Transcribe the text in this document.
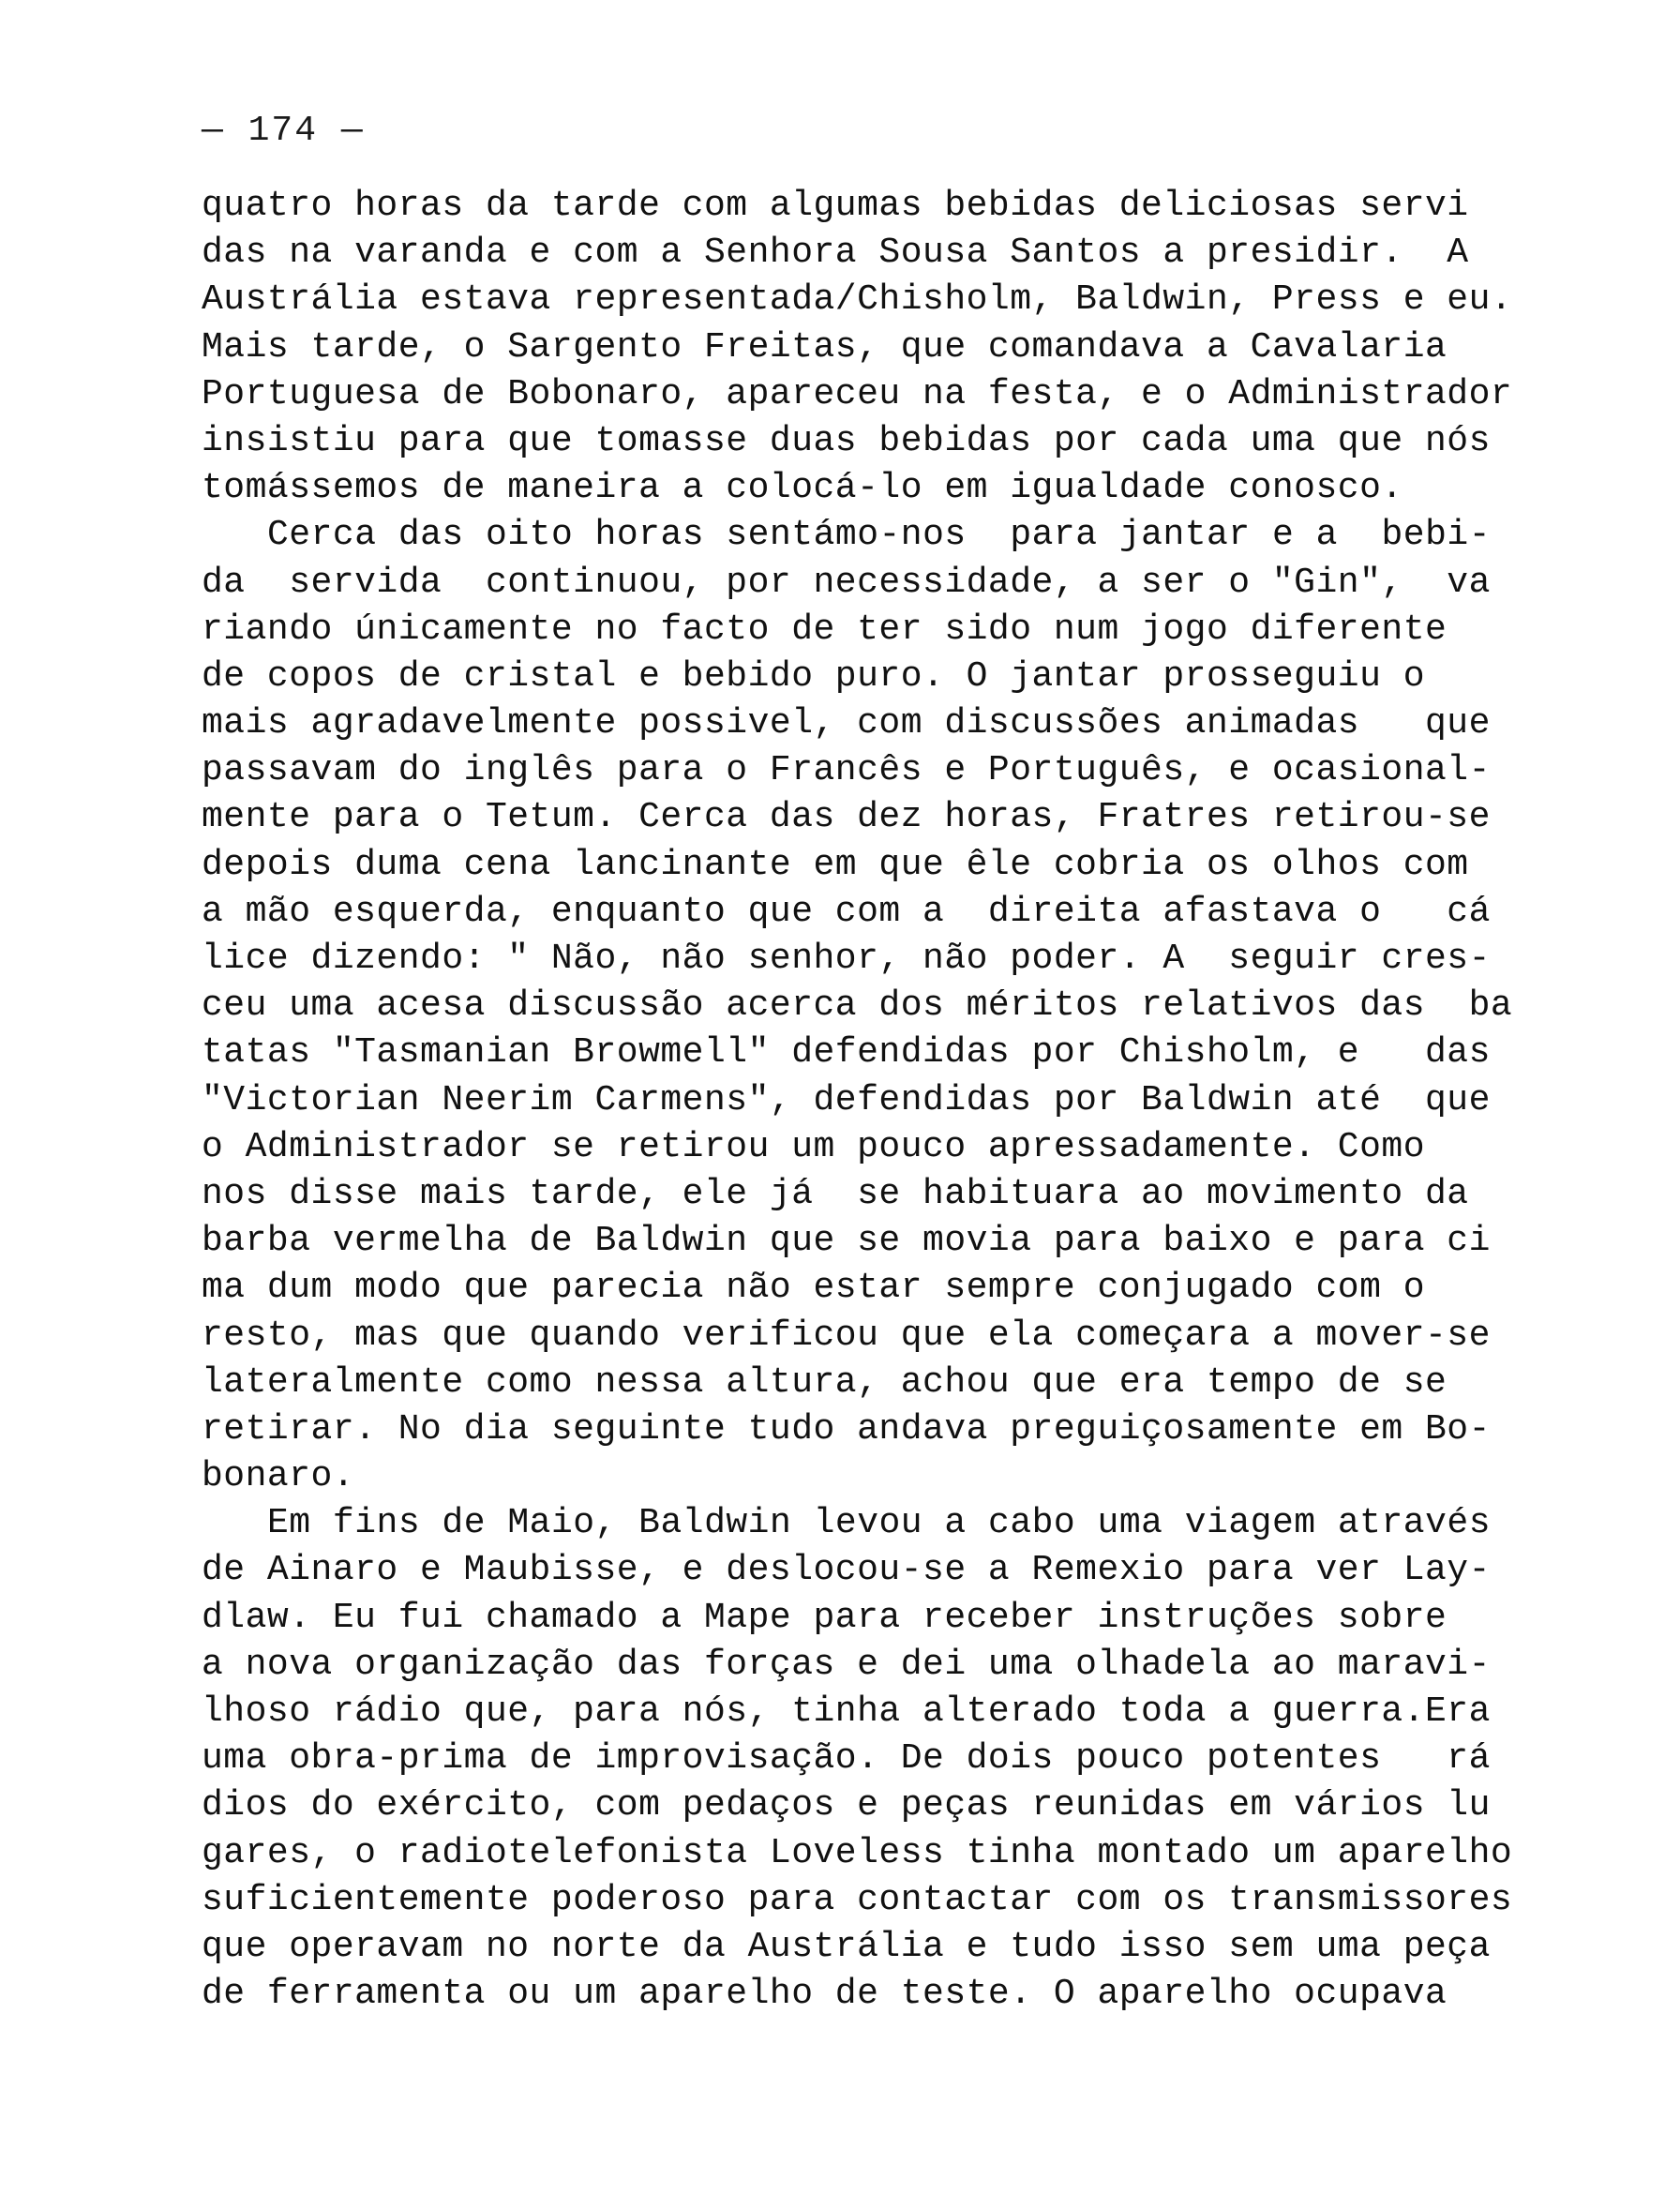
— 174 —
quatro horas da tarde com algumas bebidas deliciosas servi
das na varanda e com a Senhora Sousa Santos a presidir.  A
Austrália estava representada/Chisholm, Baldwin, Press e eu.
Mais tarde, o Sargento Freitas, que comandava a Cavalaria
Portuguesa de Bobonaro, apareceu na festa, e o Administrador
insistiu para que tomasse duas bebidas por cada uma que nós
tomássemos de maneira a colocá-lo em igualdade conosco.
Cerca das oito horas sentámo-nos  para jantar e a  bebi-
da  servida  continuou, por necessidade, a ser o "Gin",  va
riando únicamente no facto de ter sido num jogo diferente
de copos de cristal e bebido puro. O jantar prosseguiu o
mais agradavelmente possivel, com discussões animadas   que
passavam do inglês para o Francês e Português, e ocasional-
mente para o Tetum. Cerca das dez horas, Fratres retirou-se
depois duma cena lancinante em que êle cobria os olhos com
a mão esquerda, enquanto que com a  direita afastava o   cá
lice dizendo: " Não, não senhor, não poder. A  seguir cres-
ceu uma acesa discussão acerca dos méritos relativos das  ba
tatas "Tasmanian Browmell" defendidas por Chisholm, e   das
"Victorian Neerim Carmens", defendidas por Baldwin até  que
o Administrador se retirou um pouco apressadamente. Como
nos disse mais tarde, ele já  se habituara ao movimento da
barba vermelha de Baldwin que se movia para baixo e para ci
ma dum modo que parecia não estar sempre conjugado com o
resto, mas que quando verificou que ela começara a mover-se
lateralmente como nessa altura, achou que era tempo de se
retirar. No dia seguinte tudo andava preguiçosamente em Bo-
bonaro.
Em fins de Maio, Baldwin levou a cabo uma viagem através
de Ainaro e Maubisse, e deslocou-se a Remexio para ver Lay-
dlaw. Eu fui chamado a Mape para receber instruções sobre
a nova organização das forças e dei uma olhadela ao maravi-
lhoso rádio que, para nós, tinha alterado toda a guerra.Era
uma obra-prima de improvisação. De dois pouco potentes   rá
dios do exército, com pedaços e peças reunidas em vários lu
gares, o radiotelefonista Loveless tinha montado um aparelho
suficientemente poderoso para contactar com os transmissores
que operavam no norte da Austrália e tudo isso sem uma peça
de ferramenta ou um aparelho de teste. O aparelho ocupava
